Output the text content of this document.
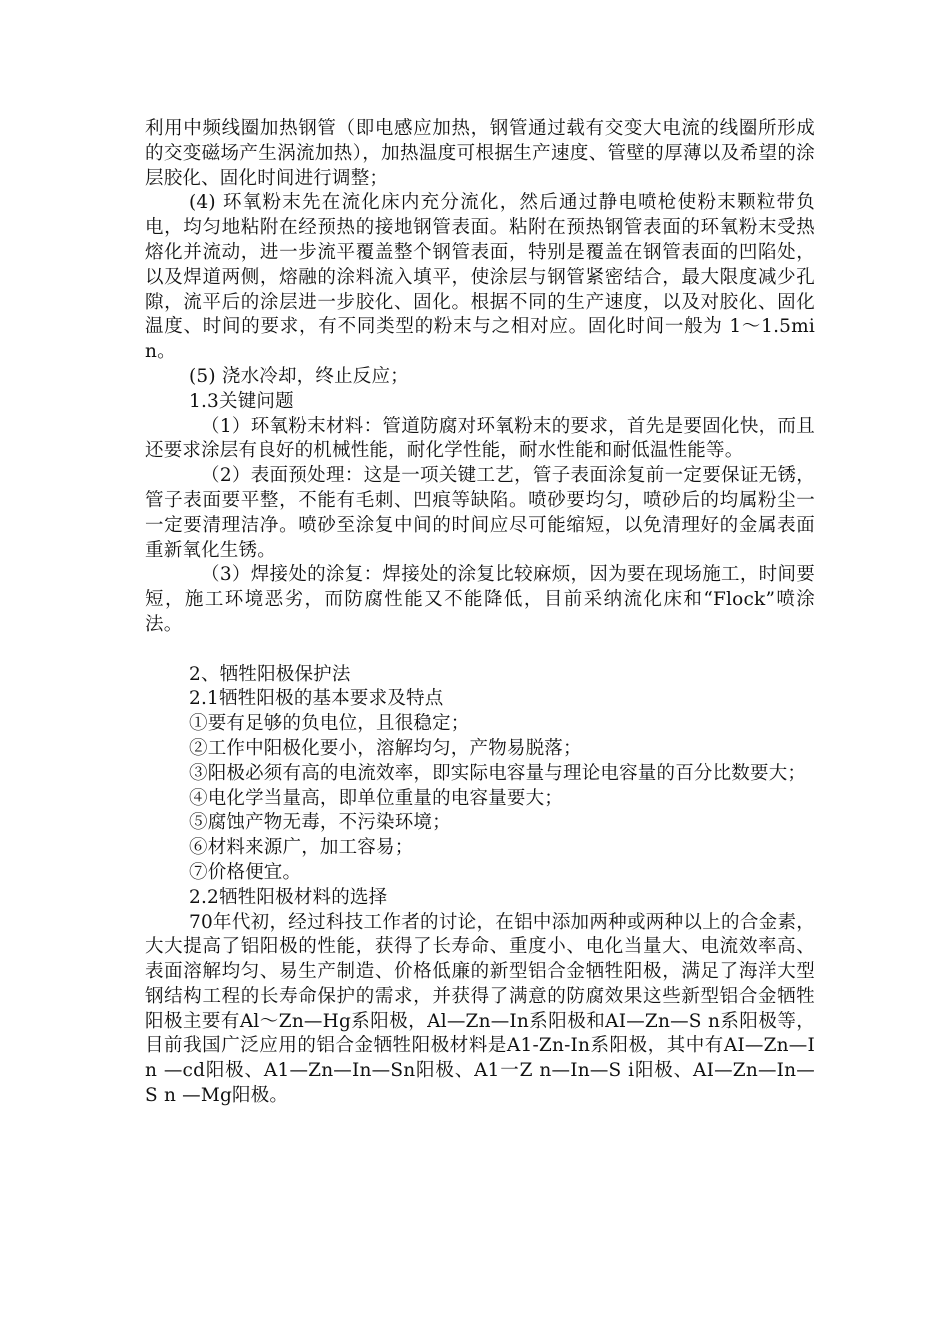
利用中频线圈加热钢管（即电感应加热，钢管通过载有交变大电流的线圈所形成的交变磁场产生涡流加热），加热温度可根据生产速度、管壁的厚薄以及希望的涂层胶化、固化时间进行调整；

(4) 环氧粉末先在流化床内充分流化，然后通过静电喷枪使粉末颗粒带负电，均匀地粘附在经预热的接地钢管表面。粘附在预热钢管表面的环氧粉末受热熔化并流动，进一步流平覆盖整个钢管表面，特别是覆盖在钢管表面的凹陷处，以及焊道两侧，熔融的涂料流入填平，使涂层与钢管紧密结合，最大限度减少孔隙，流平后的涂层进一步胶化、固化。根据不同的生产速度，以及对胶化、固化温度、时间的要求，有不同类型的粉末与之相对应。固化时间一般为 1～1.5min。

(5) 浇水冷却，终止反应；

1.3关键问题

（1）环氧粉末材料：管道防腐对环氧粉末的要求，首先是要固化快，而且还要求涂层有良好的机械性能，耐化学性能，耐水性能和耐低温性能等。

（2）表面预处理：这是一项关键工艺，管子表面涂复前一定要保证无锈，管子表面要平整，不能有毛刺、凹痕等缺陷。喷砂要均匀，喷砂后的均属粉尘一一定要清理洁净。喷砂至涂复中间的时间应尽可能缩短，以免清理好的金属表面重新氧化生锈。

（3）焊接处的涂复：焊接处的涂复比较麻烦，因为要在现场施工，时间要短，施工环境恶劣，而防腐性能又不能降低，目前采纳流化床和“Flock”喷涂法。

2、牺牲阳极保护法

2.1牺牲阳极的基本要求及特点

①要有足够的负电位，且很稳定；

②工作中阳极化要小，溶解均匀，产物易脱落；

③阳极必须有高的电流效率，即实际电容量与理论电容量的百分比数要大；

④电化学当量高，即单位重量的电容量要大；

⑤腐蚀产物无毒，不污染环境；

⑥材料来源广，加工容易；

⑦价格便宜。

2.2牺牲阳极材料的选择

70年代初，经过科技工作者的讨论，在铝中添加两种或两种以上的合金素， 大大提高了铝阳极的性能，获得了长寿命、重度小、电化当量大、电流效率高、表面溶解均匀、易生产制造、价格低廉的新型铝合金牺牲阳极，满足了海洋大型钢结构工程的长寿命保护的需求，并获得了满意的防腐效果这些新型铝合金牺牲 阳极主要有Al～Zn—Hg系阳极，Al—Zn—In系阳极和AI—Zn—S n系阳极等，目前我国广泛应用的铝合金牺牲阳极材料是A1-Zn-In系阳极，其中有AI—Zn—I n —cd阳极、A1—Zn—In—Sn阳极、A1一Z n—In—S i阳极、AI—Zn—In—S n —Mg阳极。
